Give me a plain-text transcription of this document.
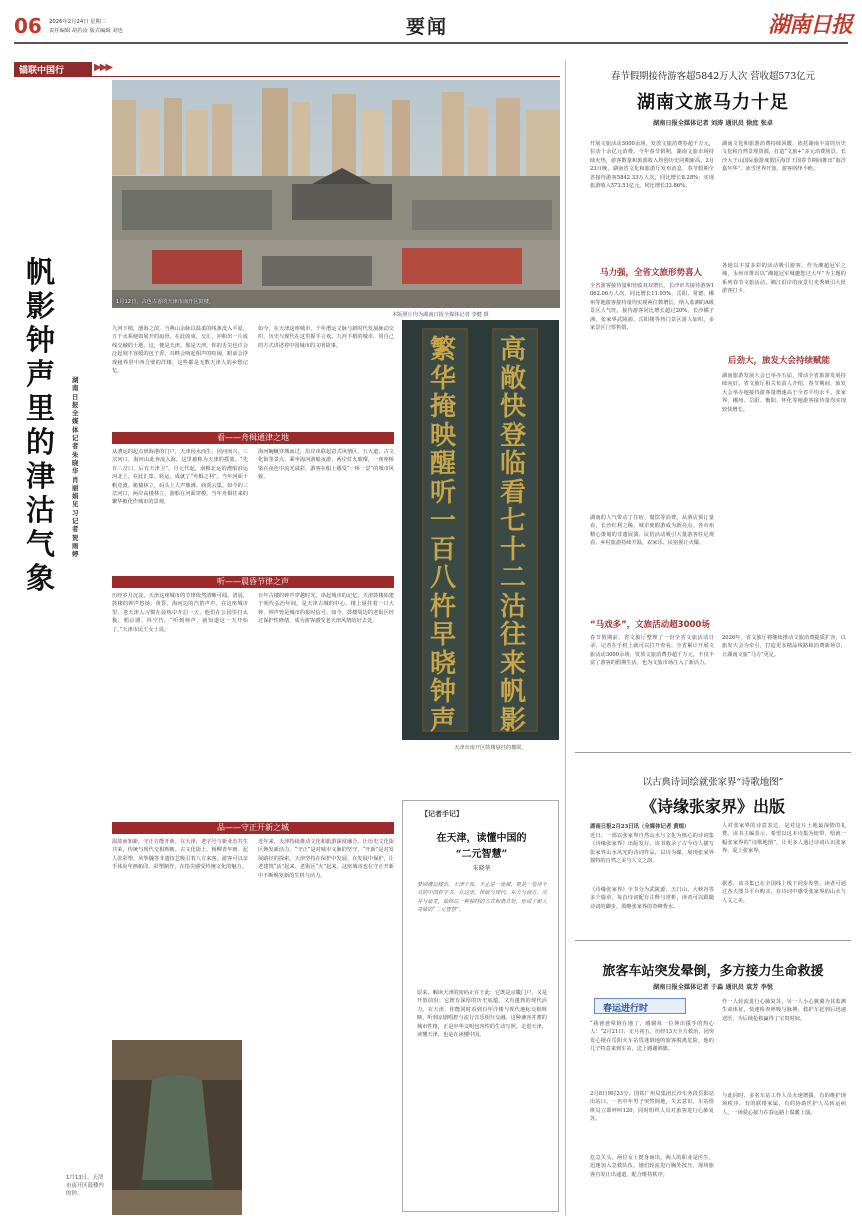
06 2026年2月24日 星期二
责任编辑 胡若汝 版式编辑 刘也	要闻	湖南日报
锚联中国行	▶▶▶
1月12日，古色古香的天津市南开区鼓楼。
本版照片均为湖南日报全媒体记者 李健 摄
帆影钟声里的津沽气象
湖南日报全媒体记者 朱晓华 肖丽娟 见习记者 贺雨婷
九河下梢，渤海之滨。当燕山余脉以温柔的线条没入平原，万千水系便如展开的扇骨，在此收束、交汇，冲积出一片成线交融的土地，这，便是天津。那是天津，你的舌尖也许会泛起刻不容缓的包子香，耳畔会响起相声的喧闹，眼前会浮现租界里中西合璧的洋楼，这些都是无数天津人的乡愁记忆。
如今，在天津这座城市，千年漕运文脉与新时代发展脉动交织，历史与现代在这里握手言欢。九河下梢的城市，用自己的方式讲述着中国城市的文明故事。
看——舟楫通津之地
从漕运的起点到海港的门户，天津因水而生、因河而兴。三岔河口，海河由此奔流入海，这里被称为天津的摇篮。“先有三岔口，后有天津卫”，自元代起，南粮北运的漕船沿运河北上，在此汇集、转运，成就了“舟楫之利”。当年河面千帆竞渡、桅樯林立，码头上人声鼎沸、商贾云集。如今的三岔河口，两岸高楼林立，游船在河面穿梭，当年舟楫往来的繁华被化作城市的景观。
海河蜿蜒穿城而过，沿岸串联起意式风情区、五大道、古文化街等景点。乘坐海河游船夜游，两岸灯火璀璨，一座座桥梁在夜色中流光溢彩，游客在船上感受“一桥一景”的城市风貌。
听——晨昏节律之声
历经岁月沉淀，天津这座城市的节律依然清晰可闻。清晨，鼓楼的钟声悠扬；黄昏，海河边的汽笛声声。在这座城市里，老天津人习惯在晨练中开启一天，他们在公园里打太极、唱京剧、抖空竹。“听到钟声，就知道这一天开始了。”天津市民王女士说。
百年古楼的钟声穿越时光，串起城市的记忆。天津鼓楼始建于明代弘治年间，是天津古城的中心。楼上悬挂着一口大钟，钟声曾是城市的报时信号。如今，鼓楼周边的老街区经过保护性修缮，成为游客感受老天津风情的好去处。
品——守正开新之城
温故而知新，守正方能开新。在天津，老字号与新业态共生共荣，传统与现代交相辉映。古文化街上，杨柳青年画、泥人张彩塑、风筝魏等非遗技艺吸引着八方来客。游客可以亲手体验年画拓印、彩塑制作，在指尖感受传统文化的魅力。
近年来，天津持续推动文化和旅游深度融合，让历史文化街区焕发新活力。“守正”是对城市文脉的坚守，“开新”是对发展路径的探索。天津坚持在保护中发展、在发展中保护，让老建筑“活”起来、老街区“火”起来，这座城市也在守正开新中不断焕发新的生机与活力。
繁华掩映醒听一百八杵早晓钟声
高敞快登临看七十二沽往来帆影
天津市南开区鼓楼悬挂的楹联。
1月13日，天津市南开区鼓楼内的钟。
【记者手记】
在天津，读懂中国的
“二元智慧”
朱晓华
梦回漕运楼台，天津于我，不止是一座城，更是一卷读不尽的中国哲学书。在这里，传统与现代、东方与西方、市井与庙堂，始终以一种独特的方式和谐共处，形成了耐人寻味的“二元智慧”。
原来，解读天津的密码正在于此：它既是京畿门户，又是开放前沿；它既有深厚的历史底蕴，又有蓬勃的现代活力。在天津，你能同时看到百年洋楼与现代地标交相辉映，听到京剧唱腔与流行音乐相互交融。这种兼容并蓄的城市性格，正是中华文明包容性的生动写照。走进天津，读懂天津，也是在读懂中国。
春节假期接待游客超5842万人次 营收超573亿元
湖南文旅马力十足
湖南日报全媒体记者 刘涛 通讯员 徐庶 张卓
开展文旅活动3000余场，发放文旅消费券超千万元，拉动十余亿元消费。今年春节假期，湖南文旅市场持续火热，游客数量和旅游收入均创历史同期新高。2月23日晚，湖南省文化和旅游厅发布消息，春节假期全省接待游客5842.33万人次，同比增长8.28%；实现旅游收入573.51亿元，同比增长33.86%。
马力强，全省文旅形势喜人
全省游客接待量和营收双双增长。长沙市共接待游客1062.06万人次，同比增长11.95%。岳阳、常德、郴州等地游客接待量均实现两位数增长。纳入监测的A级景区人气旺，接待游客同比增长超过20%。长沙橘子洲、张家界武陵源、岳阳楼等热门景区游人如织，多家景区门票售罄。
湖南的人气带动了住宿、餐饮等消费。从酒店预订量看，长沙红利之稀，城市度假游成为新亮点。各市州精心策划的非遗展演、民俗活动吸引大量游客驻足观看。乡村旅游持续升温，农家乐、民宿预订火爆。
“马戏多”，文旅活动超3000场
春节假期前，省文旅厅整理了一份全省文旅活动日录，记者在手机上就可以打开查看。全省累计开展文旅活动3000余场，发放文旅消费券超千万元，不仅丰富了游客的假期生活，也为文旅市场注入了新活力。
湖南文化和旅游消费持续回暖，依托湖南丰富的历史文化和自然景观资源，打造“文旅+”多元消费场景。长沙大王山国际旅游度假区海洋王国春节期间推出“海洋嘉年华”，冰雪世界开放，游客络绎不绝。
各地以丰富多彩的活动吸引游客。作为湘超冠军之城，永州市推出以“湘超冠军城邀您过大年”为主题的系列春节文旅活动，湘江沿岸的夜景灯光秀吸引大批游客打卡。
后劲大，旅发大会持续赋能
湖南旅游发展大会已举办五届，带动全省旅游发展持续向好。省文旅厅相关负责人介绍，春节期间，旅发大会举办地接待游客量增速高于全省平均水平。张家界、郴州、岳阳、衡阳、怀化等地游客接待量均实现较快增长。
2026年，省文旅厅将继续推动文旅消费提质扩容，以旅发大会为牵引，打造更多精品线路和消费新场景，让湖南文旅“马力”更足。
以古典诗词绘就张家界“诗歌地图”
《诗缘张家界》出版
湖南日报2月23日讯（全媒体记者 黄煌）
近日，一部以张家界自然山水与文化为核心的诗词集《诗缘张家界》出版发行。该书收录了古今诗人描写张家界山水风光的诗词作品，以诗为媒，展现张家界独特的自然之美与人文之韵。
《诗缘张家界》全书分为武陵源、天门山、大峡谷等多个篇章，每首诗词配有注释与赏析，读者可以跟随诗词的脚步，领略张家界的奇峰秀水。
人对张家界的诗意表达，是对这片土地最深情的礼赞。该书主编表示，希望以这本诗集为纽带，绘就一幅张家界的“诗歌地图”，让更多人通过诗词认识张家界、爱上张家界。
据悉，该书集已在全国线上线下同步发售，读者可通过各大图书平台购买，在诗词中感受张家界的山水与人文之美。
旅客车站突发晕倒，多方接力生命救援
湖南日报全媒体记者 于淼 通讯员 袁芳 李悦
春运进行时
“我爸爸晕倒在地了，感谢每一位伸出援手的热心人！”2月21日，正月初五，历经13天全力救治，因突发心梗在岳阳火车站昏迷倒地的旅客脱离危险，他的儿子特意来到车站，送上感谢锦旗。
2月8日9时33分，国铁广州局集团长沙车务段岳阳站出站口，一名中年男子突然倒地，失去意识。车站值班员立即呼叫120，同时组织人员对旅客进行心肺复苏。
危急关头，两位女士挺身而出，两人的职业是医生，迅速加入急救队伍。她们轮流进行胸外按压，现场旅客自发让出通道，配合维持秩序。
作一人轮流进行心肺复苏，另一人小心翼翼为其监测生命体征，快速检查呼吸与脉搏，救护车赶到后迅速送医，为后续抢救赢得了宝贵时间。
与此同时，多名车站工作人员火速增援，有的维护现场秩序，有的联络家属，有的协助医护人员转运病人，一场爱心接力在春运路上温暖上演。
